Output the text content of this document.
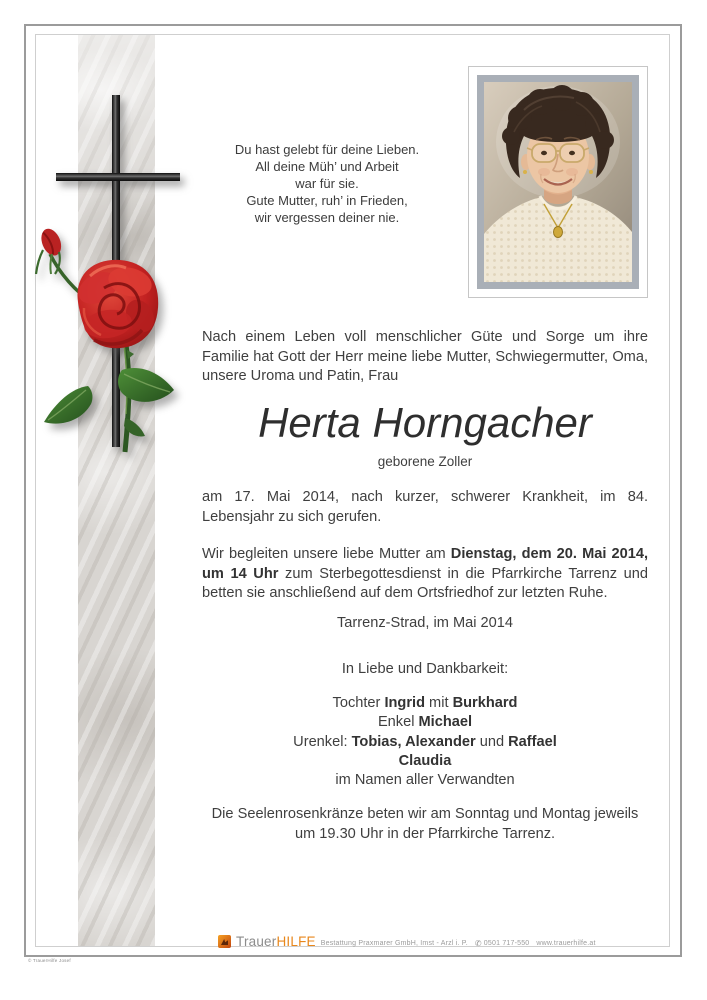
Du hast gelebt für deine Lieben.
All deine Müh’ und Arbeit
war für sie.
Gute Mutter, ruh’ in Frieden,
wir vergessen deiner nie.

Nach einem Leben voll menschlicher Güte und Sorge um ihre Familie hat Gott der Herr meine liebe Mutter, Schwiegermutter, Oma, unsere Uroma und Patin, Frau

Herta Horngacher

geborene Zoller

am 17. Mai 2014, nach kurzer, schwerer Krankheit, im 84. Lebensjahr zu sich gerufen.

Wir begleiten unsere liebe Mutter am Dienstag, dem 20. Mai 2014, um 14 Uhr zum Sterbegottesdienst in die Pfarrkirche Tarrenz und betten sie anschließend auf dem Ortsfriedhof zur letzten Ruhe.

Tarrenz-Strad, im Mai 2014

In Liebe und Dankbarkeit:

Tochter Ingrid mit Burkhard
Enkel Michael
Urenkel: Tobias, Alexander und Raffael
Claudia
im Namen aller Verwandten

Die Seelenrosenkränze beten wir am Sonntag und Montag jeweils um 19.30 Uhr in der Pfarrkirche Tarrenz.

TrauerHILFE Bestattung Praxmarer GmbH, Imst - Arzl i. P. ✆ 0501 717-550 www.trauerhilfe.at
© TrauerHilfe Josef
